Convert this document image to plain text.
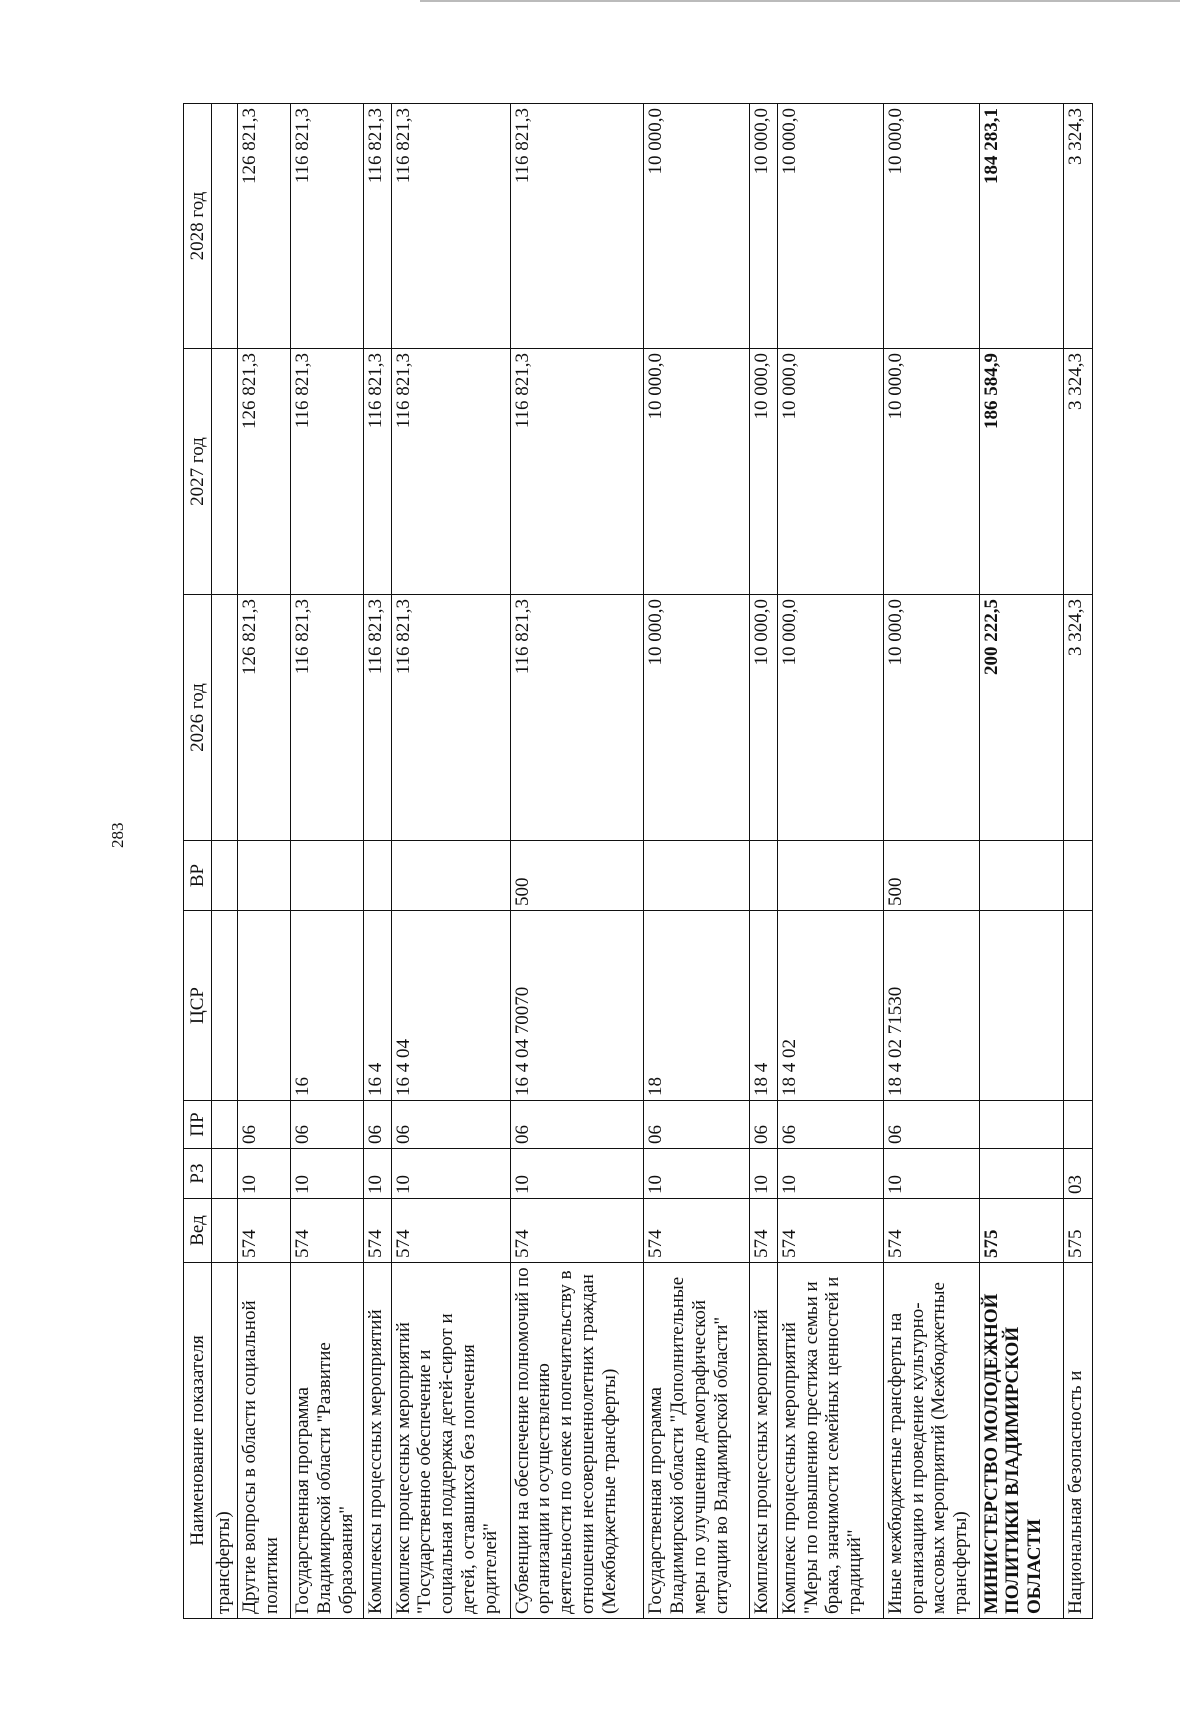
283
Наименование показателя	Вед	РЗ	ПР	ЦСР	ВР	2026 год	2027 год	2028 год
трансферты)								
Другие вопросы в области социальной политики	574	10	06			126 821,3	126 821,3	126 821,3
Государственная программа Владимирской области "Развитие образования"	574	10	06	16		116 821,3	116 821,3	116 821,3
Комплексы процессных мероприятий	574	10	06	16 4		116 821,3	116 821,3	116 821,3
Комплекс процессных мероприятий "Государственное обеспечение и социальная поддержка детей-сирот и детей, оставшихся без попечения родителей"	574	10	06	16 4 04		116 821,3	116 821,3	116 821,3
Субвенции на обеспечение полномочий по организации и осуществлению деятельности по опеке и попечительству в отношении несовершеннолетних граждан (Межбюджетные трансферты)	574	10	06	16 4 04 70070	500	116 821,3	116 821,3	116 821,3
Государственная программа Владимирской области "Дополнительные меры по улучшению демографической ситуации во Владимирской области"	574	10	06	18		10 000,0	10 000,0	10 000,0
Комплексы процессных мероприятий	574	10	06	18 4		10 000,0	10 000,0	10 000,0
Комплекс процессных мероприятий "Меры по повышению престижа семьи и брака, значимости семейных ценностей и традиций"	574	10	06	18 4 02		10 000,0	10 000,0	10 000,0
Иные межбюджетные трансферты на организацию и проведение культурно-массовых мероприятий (Межбюджетные трансферты)	574	10	06	18 4 02 71530	500	10 000,0	10 000,0	10 000,0
МИНИСТЕРСТВО МОЛОДЕЖНОЙ ПОЛИТИКИ ВЛАДИМИРСКОЙ ОБЛАСТИ	575					200 222,5	186 584,9	184 283,1
Национальная безопасность и	575	03				3 324,3	3 324,3	3 324,3
